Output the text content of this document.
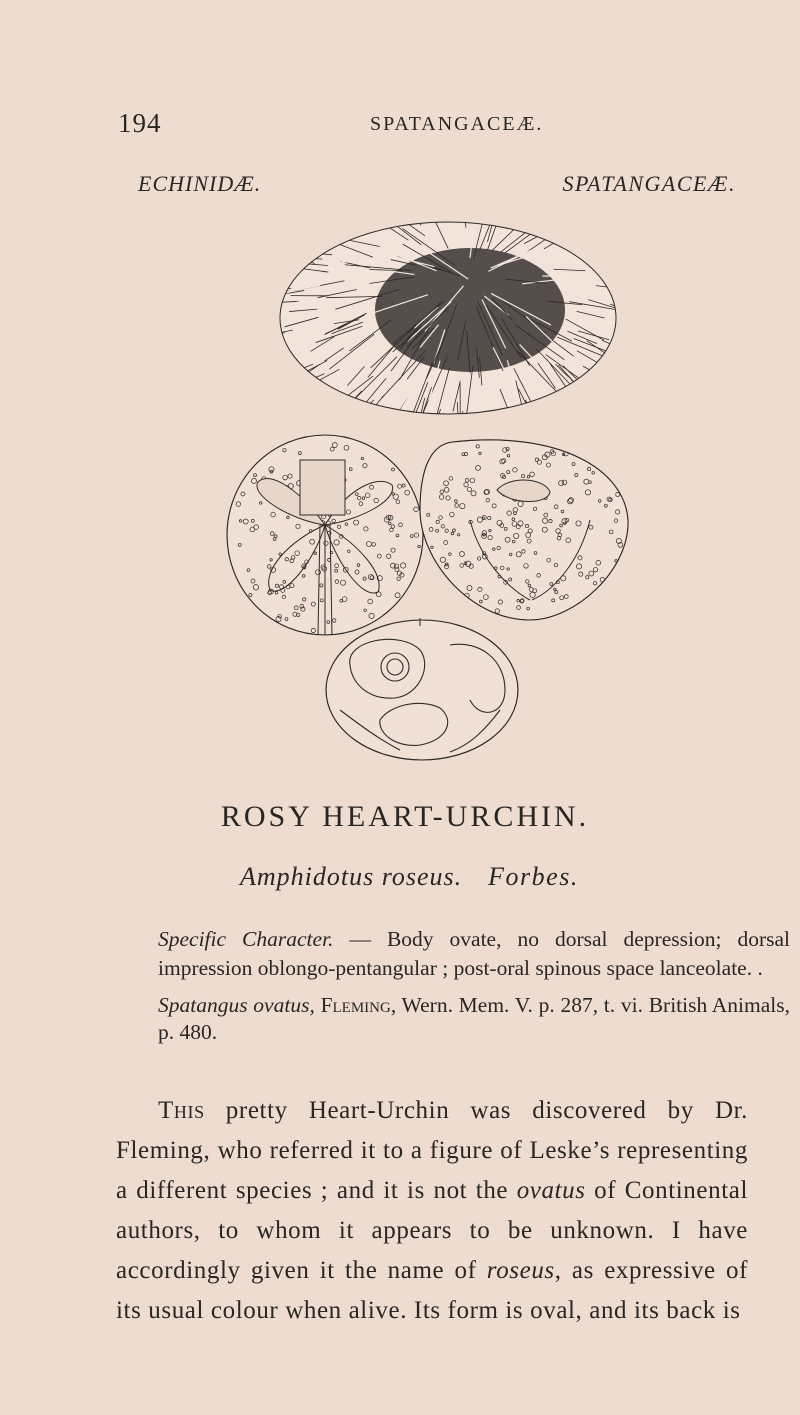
194	SPATANGACEÆ.
ECHINIDÆ.	SPATANGACEÆ.
ROSY HEART-URCHIN.
Amphidotus roseus. Forbes.
Specific Character. — Body ovate, no dorsal depression; dorsal impression oblongo-pentangular ; post-oral spinous space lanceolate. .
Spatangus ovatus, Fleming, Wern. Mem. V. p. 287, t. vi. British Animals, p. 480.
This pretty Heart-Urchin was discovered by Dr. Fleming, who referred it to a figure of Leske’s representing a different species ; and it is not the ovatus of Continental authors, to whom it appears to be unknown. I have accordingly given it the name of roseus, as expressive of its usual colour when alive. Its form is oval, and its back is
